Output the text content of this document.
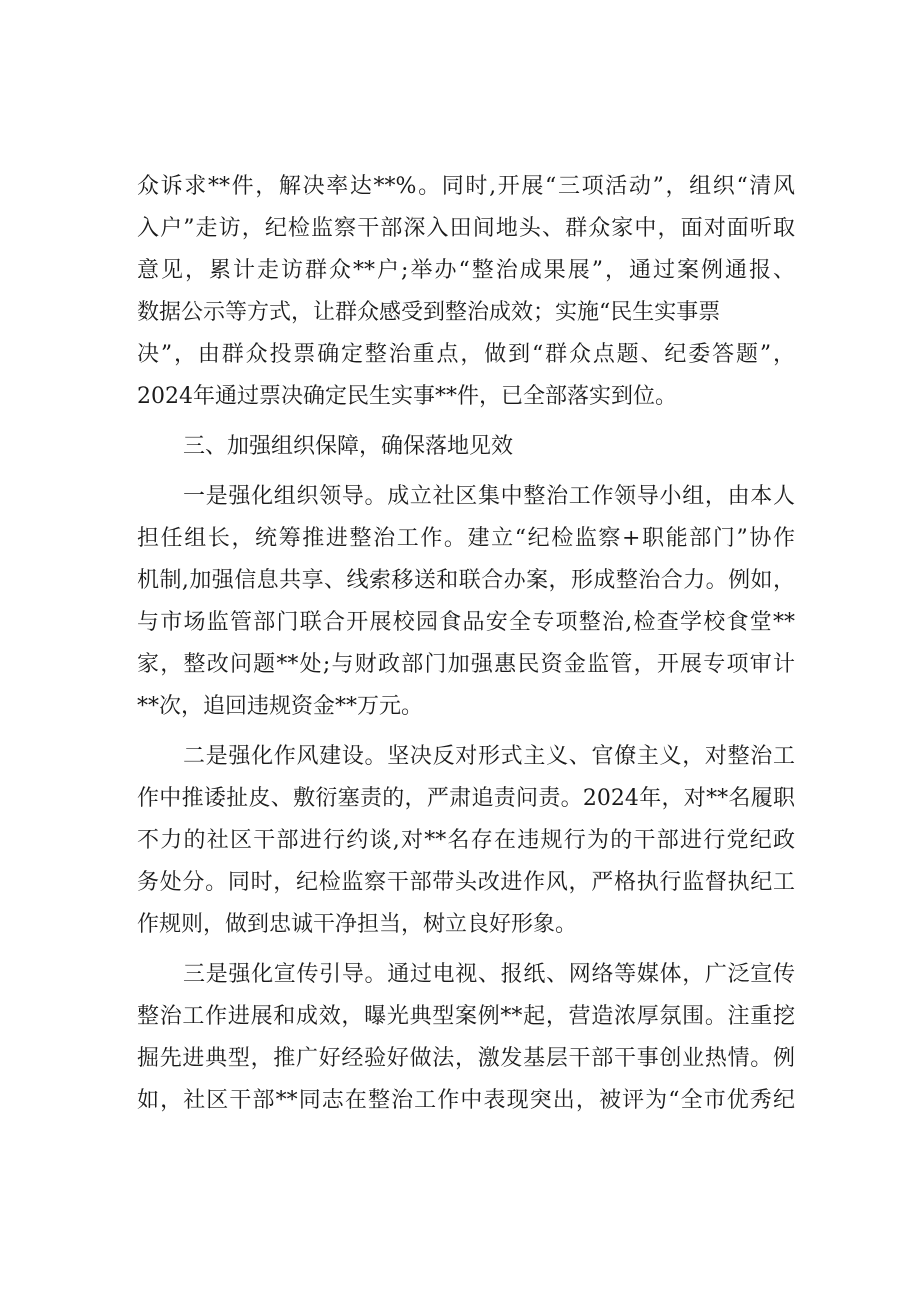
众诉求**件，解决率达**%。同时,开展“三项活动”，组织“清风
入户”走访，纪检监察干部深入田间地头、群众家中，面对面听取
意见，累计走访群众**户;举办“整治成果展”，通过案例通报、
数据公示等方式，让群众感受到整治成效；实施“民生实事票
决”，由群众投票确定整治重点，做到“群众点题、纪委答题”，
2024年通过票决确定民生实事**件，已全部落实到位。
三、加强组织保障，确保落地见效
一是强化组织领导。成立社区集中整治工作领导小组，由本人
担任组长，统筹推进整治工作。建立“纪检监察+职能部门”协作
机制,加强信息共享、线索移送和联合办案，形成整治合力。例如，
与市场监管部门联合开展校园食品安全专项整治,检查学校食堂**
家，整改问题**处;与财政部门加强惠民资金监管，开展专项审计
**次，追回违规资金**万元。
二是强化作风建设。坚决反对形式主义、官僚主义，对整治工
作中推诿扯皮、敷衍塞责的，严肃追责问责。2024年，对**名履职
不力的社区干部进行约谈,对**名存在违规行为的干部进行党纪政
务处分。同时，纪检监察干部带头改进作风，严格执行监督执纪工
作规则，做到忠诚干净担当，树立良好形象。
三是强化宣传引导。通过电视、报纸、网络等媒体，广泛宣传
整治工作进展和成效，曝光典型案例**起，营造浓厚氛围。注重挖
掘先进典型，推广好经验好做法，激发基层干部干事创业热情。例
如，社区干部**同志在整治工作中表现突出，被评为“全市优秀纪
